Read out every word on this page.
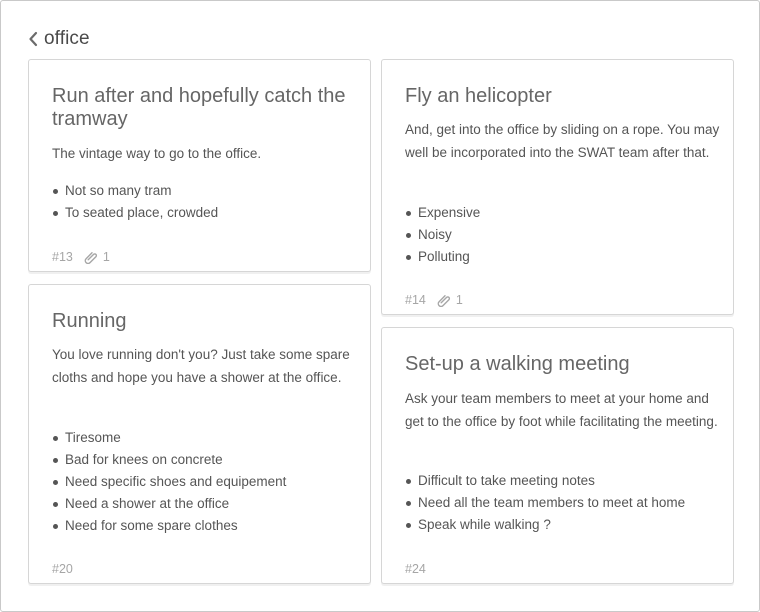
office
Run after and hopefully catch the tramway
The vintage way to go to the office.
Not so many tram
To seated place, crowded
#13 1
Fly an helicopter
And, get into the office by sliding on a rope. You may well be incorporated into the SWAT team after that.
Expensive
Noisy
Polluting
#14 1
Running
You love running don't you? Just take some spare cloths and hope you have a shower at the office.
Tiresome
Bad for knees on concrete
Need specific shoes and equipement
Need a shower at the office
Need for some spare clothes
#20
Set-up a walking meeting
Ask your team members to meet at your home and get to the office by foot while facilitating the meeting.
Difficult to take meeting notes
Need all the team members to meet at home
Speak while walking ?
#24
